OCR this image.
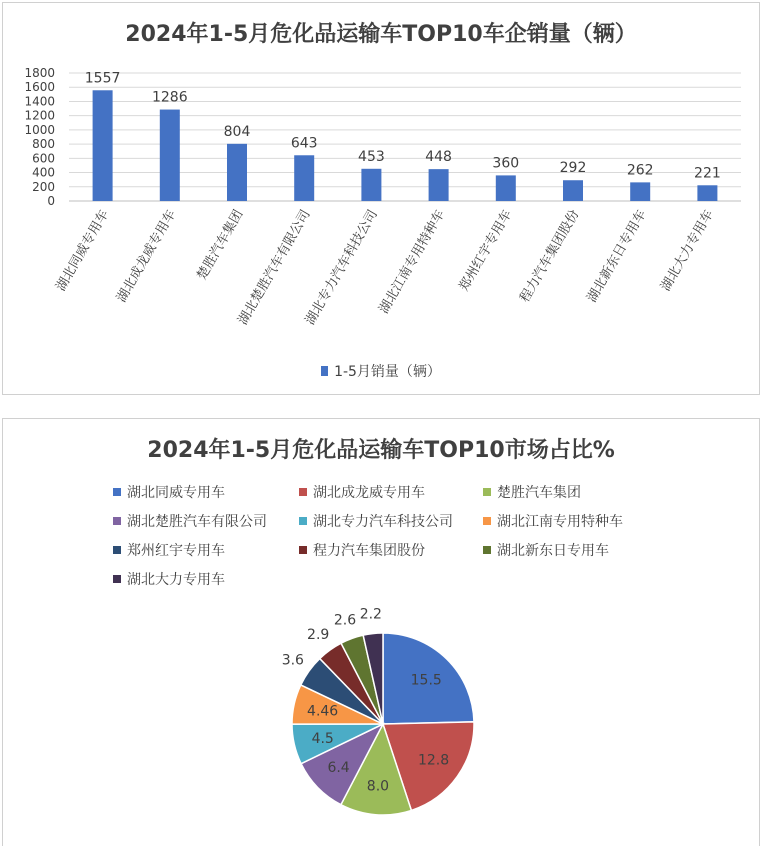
2024年1-5月危化品运输车TOP10车企销量（辆）
0
200
400
600
800
1000
1200
1400
1600
1800 1557
湖北同威专用车
1286
湖北成龙威专用车
804
楚胜汽车集团
643
湖北楚胜汽车有限公司
453
湖北专力汽车科技公司
448
湖北江南专用特种车
360
郑州红宇专用车
292
程力汽车集团股份
262
湖北新东日专用车
221
湖北大力专用车
1-5月销量（辆）
2024年1-5月危化品运输车TOP10市场占比%
湖北同威专用车	湖北成龙威专用车	楚胜汽车集团
湖北楚胜汽车有限公司	湖北专力汽车科技公司	湖北江南专用特种车
郑州红宇专用车	程力汽车集团股份	湖北新东日专用车
湖北大力专用车
15.5
12.8
8.0
6.4
4.5
4.46
3.6
2.9
2.6 2.2
